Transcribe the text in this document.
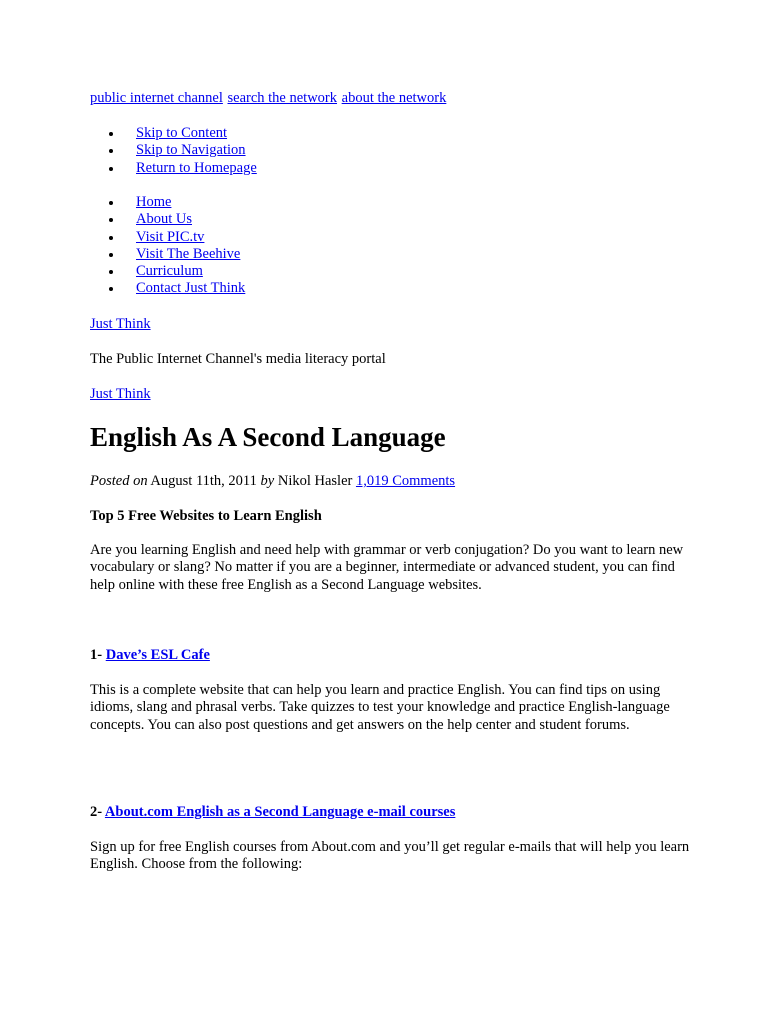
public internet channel search the network about the network
Skip to Content
Skip to Navigation
Return to Homepage
Home
About Us
Visit PIC.tv
Visit The Beehive
Curriculum
Contact Just Think
Just Think
The Public Internet Channel's media literacy portal
Just Think
English As A Second Language
Posted on August 11th, 2011 by Nikol Hasler 1,019 Comments
Top 5 Free Websites to Learn English
Are you learning English and need help with grammar or verb conjugation? Do you want to learn new vocabulary or slang? No matter if you are a beginner, intermediate or advanced student, you can find help online with these free English as a Second Language websites.
1- Dave’s ESL Cafe
This is a complete website that can help you learn and practice English. You can find tips on using idioms, slang and phrasal verbs. Take quizzes to test your knowledge and practice English-language concepts. You can also post questions and get answers on the help center and student forums.
2- About.com English as a Second Language e-mail courses
Sign up for free English courses from About.com and you’ll get regular e-mails that will help you learn English. Choose from the following:
